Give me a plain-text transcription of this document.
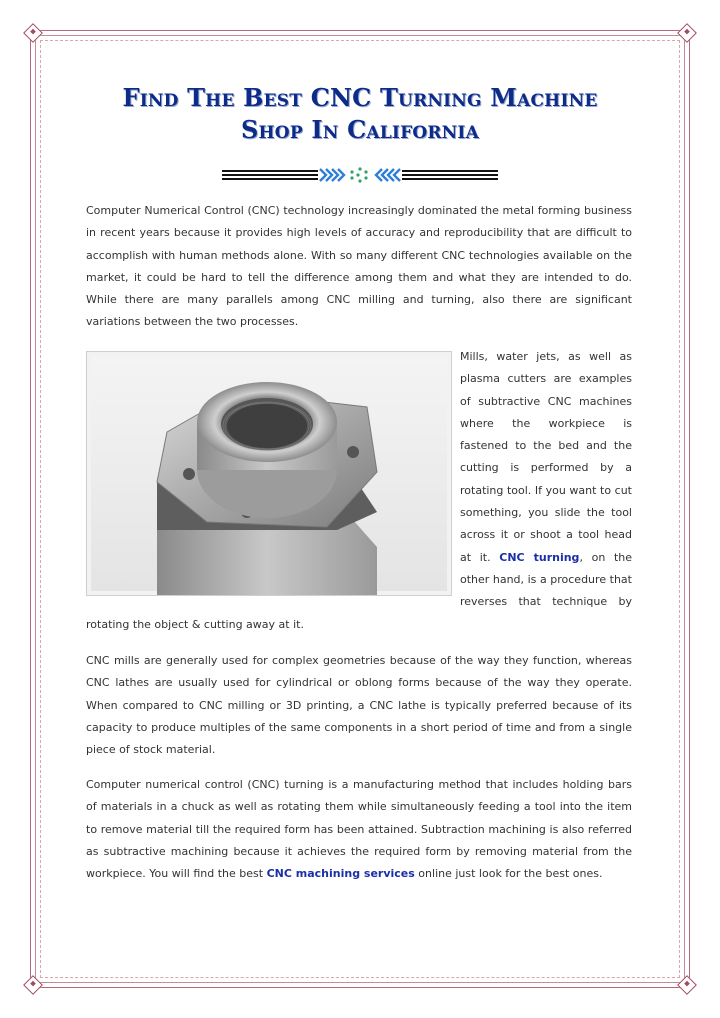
Find The Best CNC Turning Machine
Shop In California
Computer Numerical Control (CNC) technology increasingly dominated the metal forming business in recent years because it provides high levels of accuracy and reproducibility that are difficult to accomplish with human methods alone. With so many different CNC technologies available on the market, it could be hard to tell the difference among them and what they are intended to do. While there are many parallels among CNC milling and turning, also there are significant variations between the two processes.
Mills, water jets, as well as plasma cutters are examples of subtractive CNC machines where the workpiece is fastened to the bed and the cutting is performed by a rotating tool. If you want to cut something, you slide the tool across it or shoot a tool head at it. CNC turning, on the other hand, is a procedure that reverses that technique by rotating the object & cutting away at it.
CNC mills are generally used for complex geometries because of the way they function, whereas CNC lathes are usually used for cylindrical or oblong forms because of the way they operate. When compared to CNC milling or 3D printing, a CNC lathe is typically preferred because of its capacity to produce multiples of the same components in a short period of time and from a single piece of stock material.
Computer numerical control (CNC) turning is a manufacturing method that includes holding bars of materials in a chuck as well as rotating them while simultaneously feeding a tool into the item to remove material till the required form has been attained. Subtraction machining is also referred as subtractive machining because it achieves the required form by removing material from the workpiece. You will find the best CNC machining services online just look for the best ones.
